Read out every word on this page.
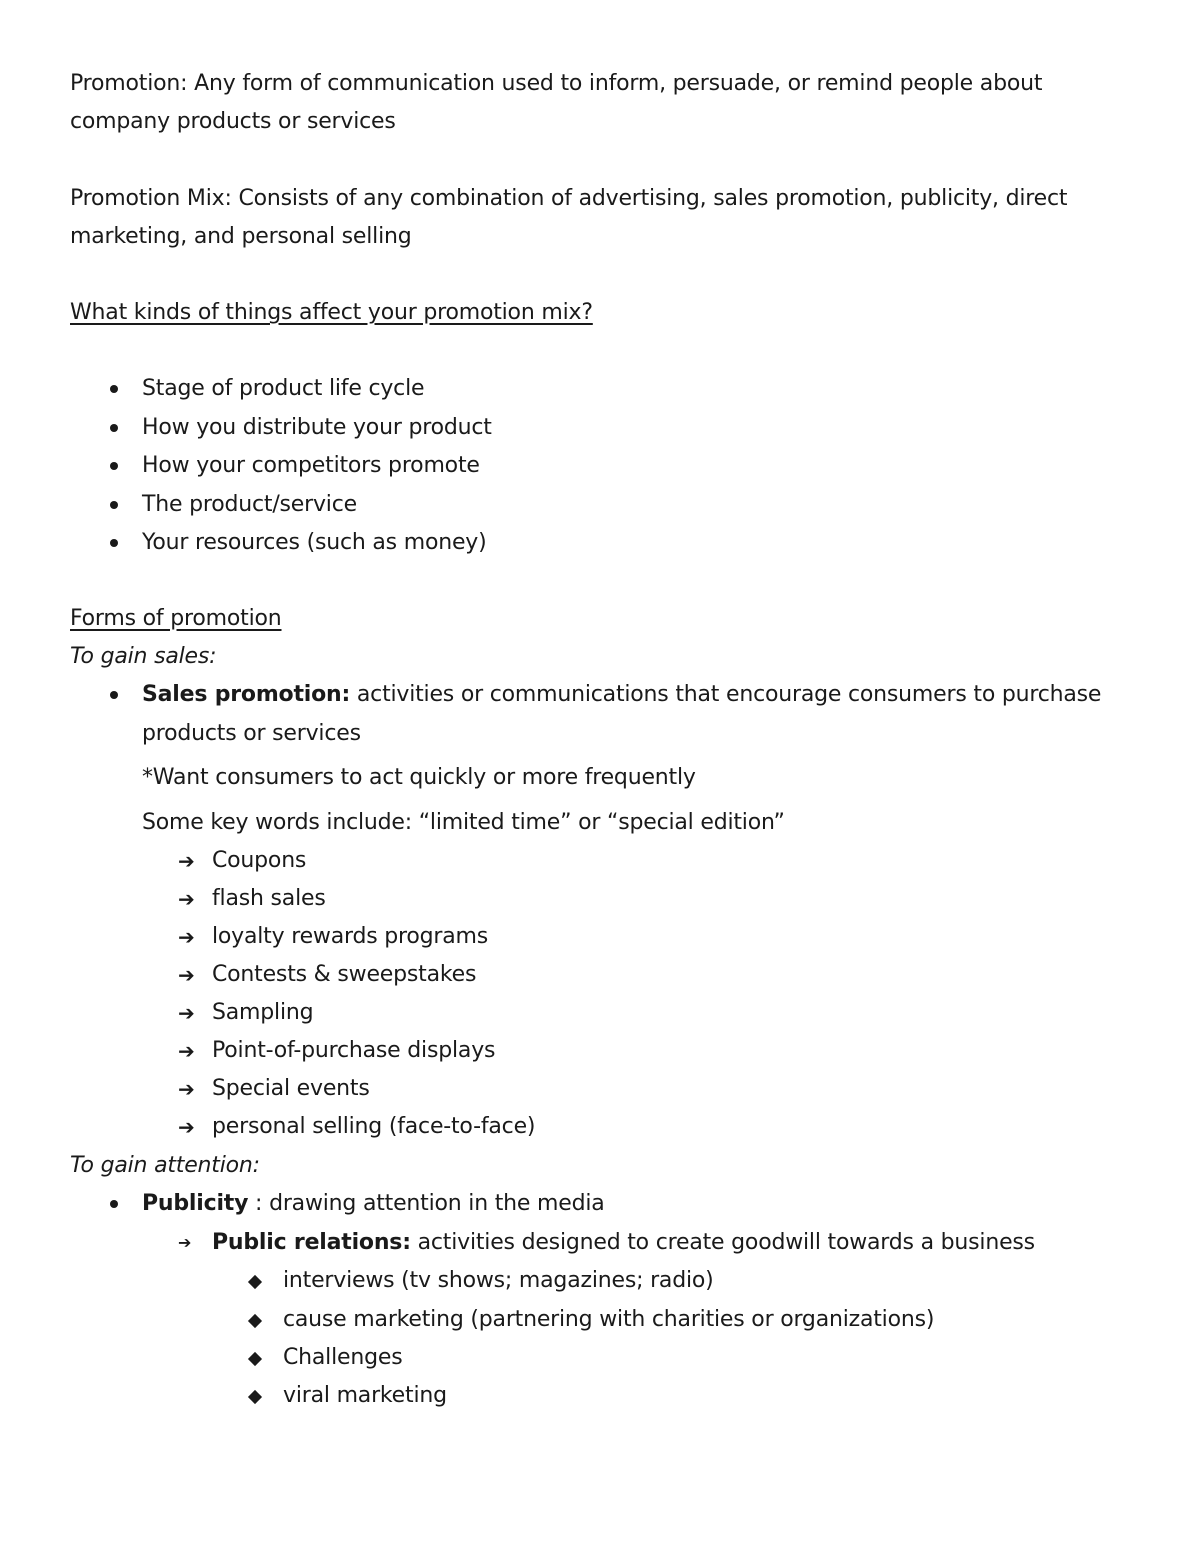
Promotion: Any form of communication used to inform, persuade, or remind people about
company products or services
Promotion Mix: Consists of any combination of advertising, sales promotion, publicity, direct
marketing, and personal selling
What kinds of things affect your promotion mix?
Stage of product life cycle
How you distribute your product
How your competitors promote
The product/service
Your resources (such as money)
Forms of promotion
To gain sales:
Sales promotion: activities or communications that encourage consumers to purchase
products or services
*Want consumers to act quickly or more frequently
Some key words include: “limited time” or “special edition”
➔ Coupons
➔ flash sales
➔ loyalty rewards programs
➔ Contests & sweepstakes
➔ Sampling
➔ Point-of-purchase displays
➔ Special events
➔ personal selling (face-to-face)
To gain attention:
Publicity : drawing attention in the media
➔ Public relations: activities designed to create goodwill towards a business
interviews (tv shows; magazines; radio)
cause marketing (partnering with charities or organizations)
Challenges
viral marketing
